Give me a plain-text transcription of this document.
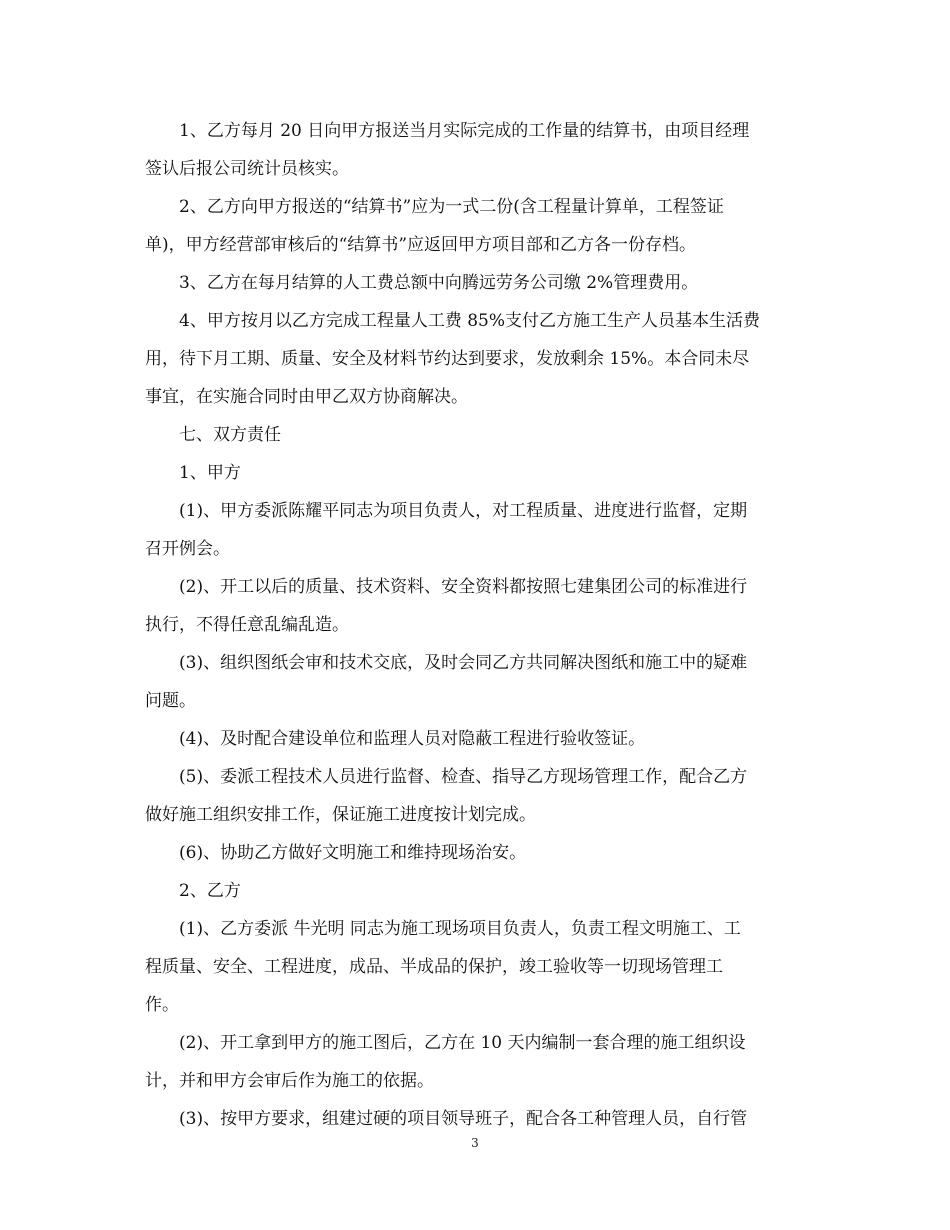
1、乙方每月 20 日向甲方报送当月实际完成的工作量的结算书，由项目经理
签认后报公司统计员核实。

2、乙方向甲方报送的“结算书”应为一式二份(含工程量计算单，工程签证
单)，甲方经营部审核后的“结算书”应返回甲方项目部和乙方各一份存档。

3、乙方在每月结算的人工费总额中向腾远劳务公司缴 2%管理费用。

4、甲方按月以乙方完成工程量人工费 85%支付乙方施工生产人员基本生活费
用，待下月工期、质量、安全及材料节约达到要求，发放剩余 15%。本合同未尽
事宜，在实施合同时由甲乙双方协商解决。

七、双方责任

1、甲方

(1)、甲方委派陈耀平同志为项目负责人，对工程质量、进度进行监督，定期
召开例会。

(2)、开工以后的质量、技术资料、安全资料都按照七建集团公司的标准进行
执行，不得任意乱编乱造。

(3)、组织图纸会审和技术交底，及时会同乙方共同解决图纸和施工中的疑难
问题。

(4)、及时配合建设单位和监理人员对隐蔽工程进行验收签证。

(5)、委派工程技术人员进行监督、检查、指导乙方现场管理工作，配合乙方
做好施工组织安排工作，保证施工进度按计划完成。

(6)、协助乙方做好文明施工和维持现场治安。

2、乙方

(1)、乙方委派 牛光明 同志为施工现场项目负责人，负责工程文明施工、工
程质量、安全、工程进度，成品、半成品的保护，竣工验收等一切现场管理工
作。

(2)、开工拿到甲方的施工图后，乙方在 10 天内编制一套合理的施工组织设
计，并和甲方会审后作为施工的依据。

(3)、按甲方要求，组建过硬的项目领导班子，配合各工种管理人员，自行管

3
